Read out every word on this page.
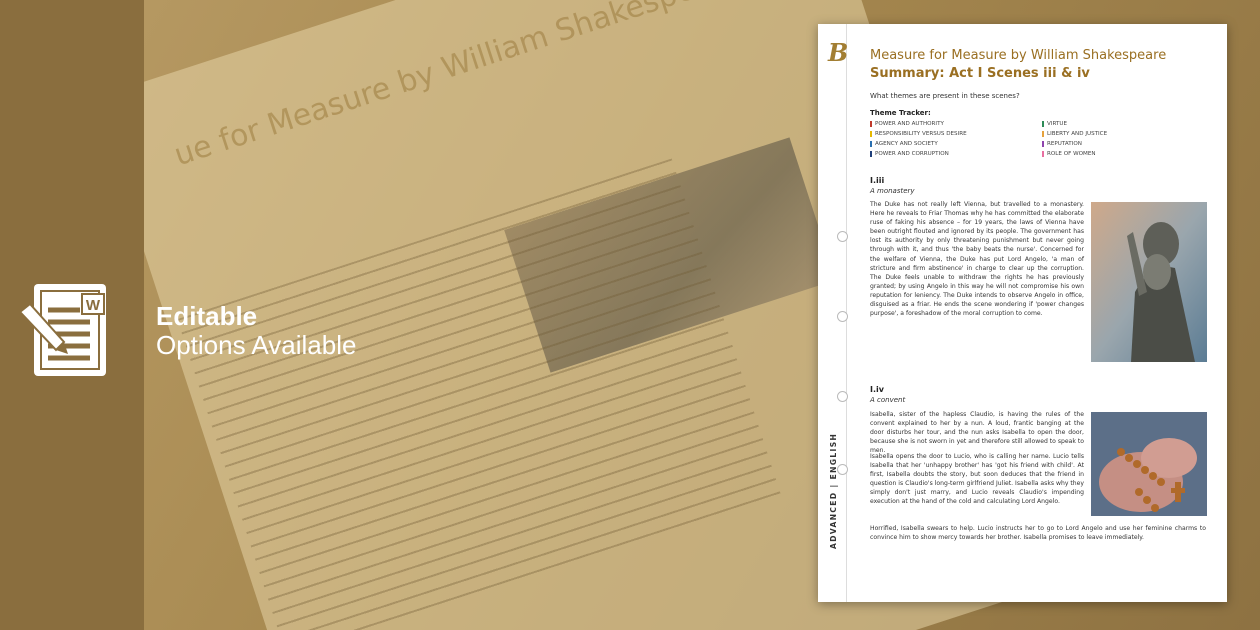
W Editable
Options Available
B
ADVANCED | ENGLISH
Measure for Measure by William Shakespeare
Summary: Act I Scenes iii & iv
What themes are present in these scenes?
Theme Tracker:
POWER AND AUTHORITY	VIRTUE
RESPONSIBILITY VERSUS DESIRE	LIBERTY AND JUSTICE
AGENCY AND SOCIETY	REPUTATION
POWER AND CORRUPTION	ROLE OF WOMEN
I.iii
A monastery
The Duke has not really left Vienna, but travelled to a monastery. Here he reveals to Friar Thomas why he has committed the elaborate ruse of faking his absence – for 19 years, the laws of Vienna have been outright flouted and ignored by its people. The government has lost its authority by only threatening punishment but never going through with it, and thus 'the baby beats the nurse'. Concerned for the welfare of Vienna, the Duke has put Lord Angelo, 'a man of stricture and firm abstinence' in charge to clear up the corruption. The Duke feels unable to withdraw the rights he has previously granted; by using Angelo in this way he will not compromise his own reputation for leniency. The Duke intends to observe Angelo in office, disguised as a friar. He ends the scene wondering if 'power changes purpose', a foreshadow of the moral corruption to come.
I.iv
A convent
Isabella, sister of the hapless Claudio, is having the rules of the convent explained to her by a nun. A loud, frantic banging at the door disturbs her tour, and the nun asks Isabella to open the door, because she is not sworn in yet and therefore still allowed to speak to men.
Isabella opens the door to Lucio, who is calling her name. Lucio tells Isabella that her 'unhappy brother' has 'got his friend with child'. At first, Isabella doubts the story, but soon deduces that the friend in question is Claudio's long-term girlfriend Juliet. Isabella asks why they simply don't just marry, and Lucio reveals Claudio's impending execution at the hand of the cold and calculating Lord Angelo.
Horrified, Isabella swears to help. Lucio instructs her to go to Lord Angelo and use her feminine charms to convince him to show mercy towards her brother. Isabella promises to leave immediately.
